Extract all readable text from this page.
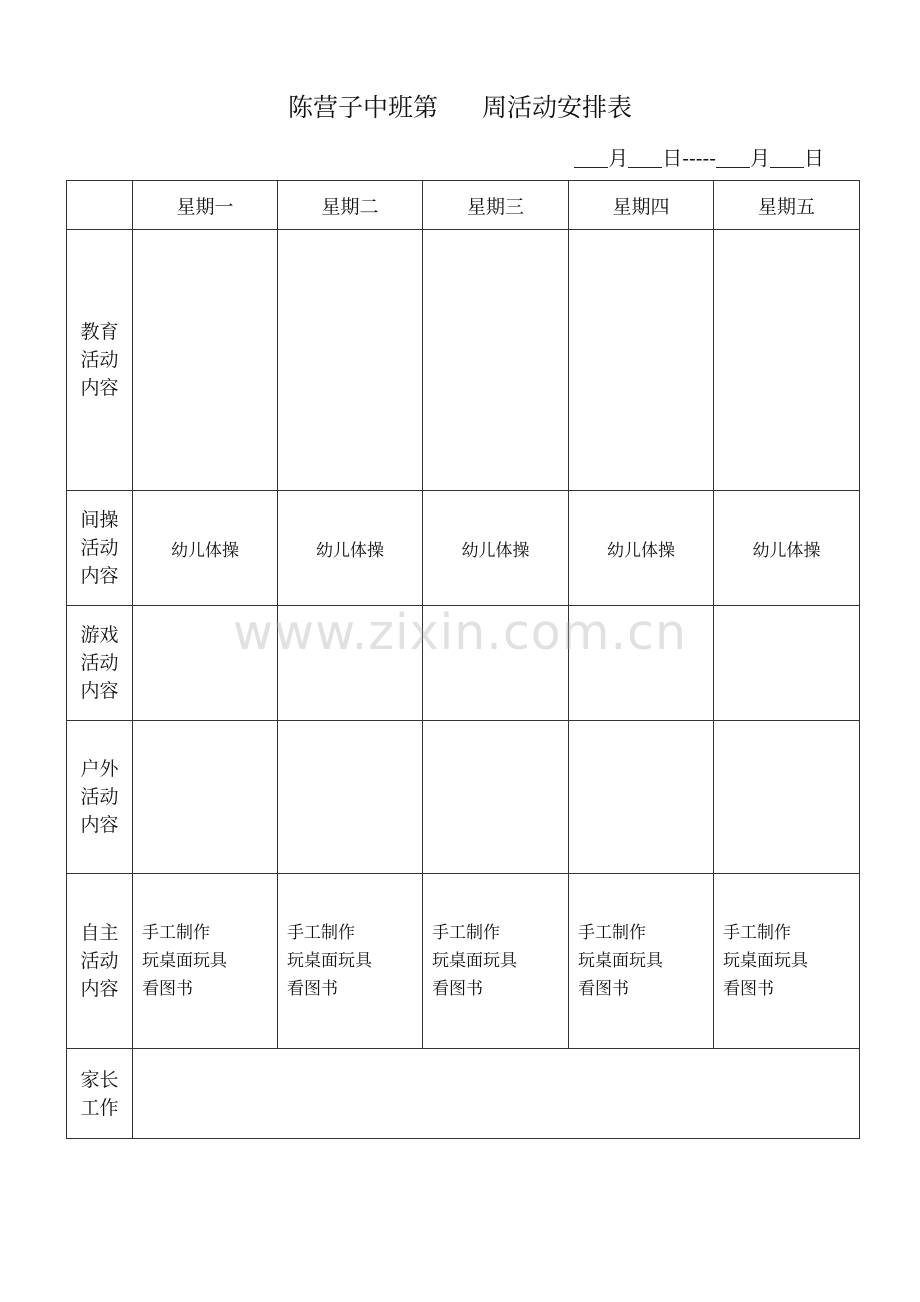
陈营子中班第 周活动安排表
月 日----- 月 日
	星期一	星期二	星期三	星期四	星期五

教育
活动
内容					

间操
活动
内容	幼儿体操	幼儿体操	幼儿体操	幼儿体操	幼儿体操

游戏
活动
内容					

户外
活动
内容					

自主
活动
内容	手工制作
玩桌面玩具
看图书	手工制作
玩桌面玩具
看图书	手工制作
玩桌面玩具
看图书	手工制作
玩桌面玩具
看图书	手工制作
玩桌面玩具
看图书

家长
工作					

www.zixin.com.cn
